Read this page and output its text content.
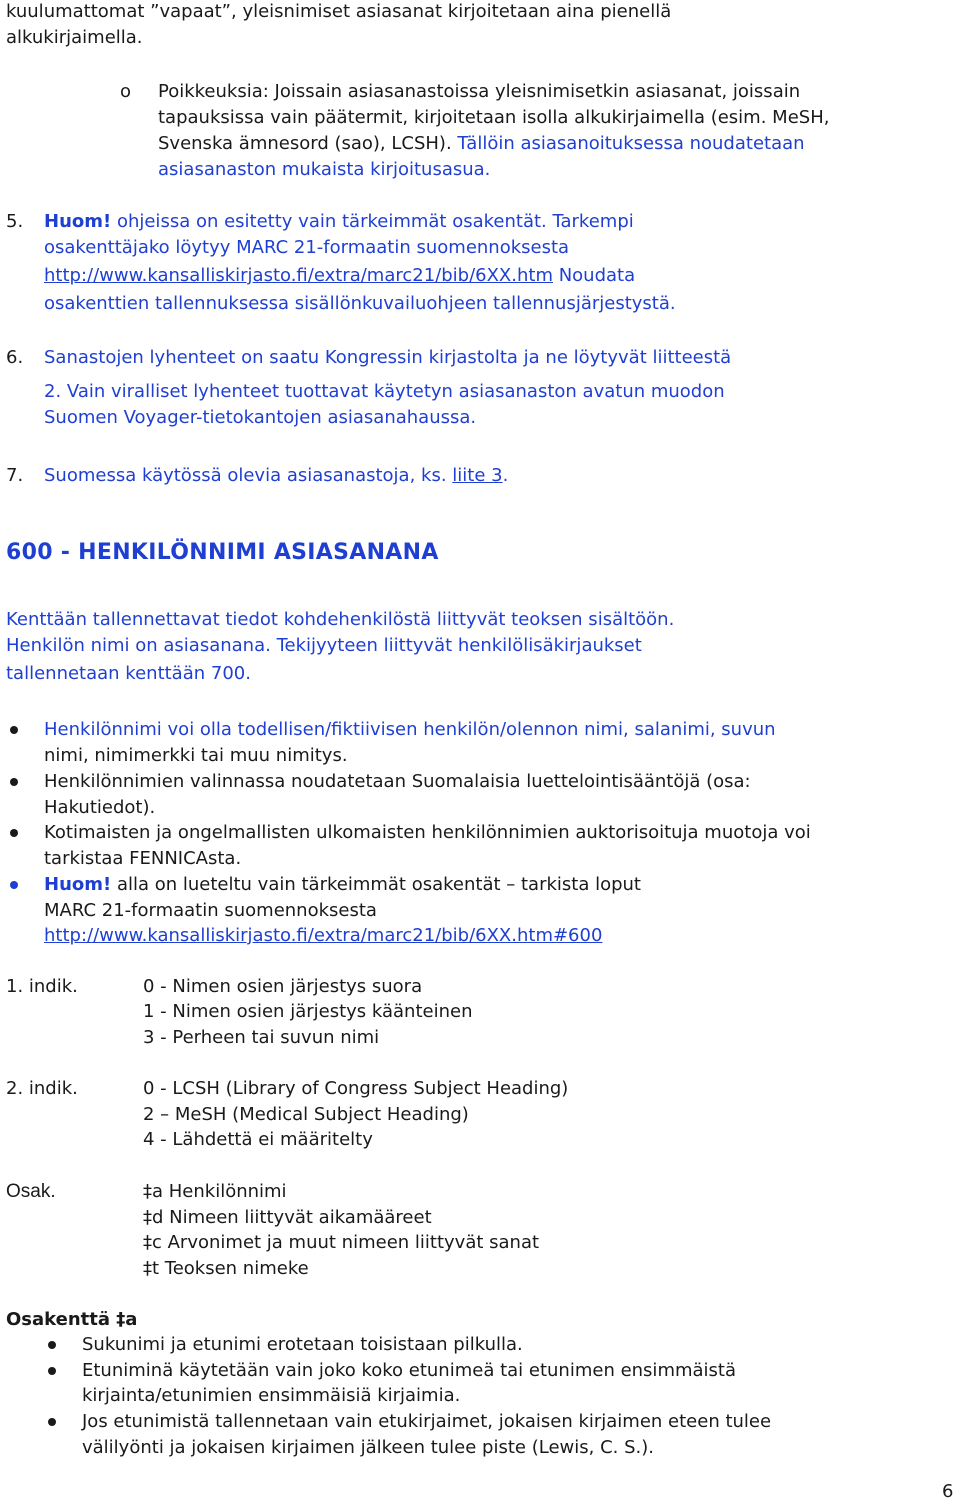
kuulumattomat ”vapaat”, yleisnimiset asiasanat kirjoitetaan aina pienellä
alkukirjaimella.
o Poikkeuksia: Joissain asiasanastoissa yleisnimisetkin asiasanat, joissain
tapauksissa vain päätermit, kirjoitetaan isolla alkukirjaimella (esim. MeSH,
Svenska ämnesord (sao), LCSH). Tällöin asiasanoituksessa noudatetaan
asiasanaston mukaista kirjoitusasua.
5. Huom! ohjeissa on esitetty vain tärkeimmät osakentät. Tarkempi
osakenttäjako löytyy MARC 21-formaatin suomennoksesta
http://www.kansalliskirjasto.fi/extra/marc21/bib/6XX.htm Noudata
osakenttien tallennuksessa sisällönkuvailuohjeen tallennusjärjestystä.
6. Sanastojen lyhenteet on saatu Kongressin kirjastolta ja ne löytyvät liitteestä
2. Vain viralliset lyhenteet tuottavat käytetyn asiasanaston avatun muodon
Suomen Voyager-tietokantojen asiasanahaussa.
7. Suomessa käytössä olevia asiasanastoja, ks. liite 3.
600 - HENKILÖNNIMI ASIASANANA
Kenttään tallennettavat tiedot kohdehenkilöstä liittyvät teoksen sisältöön.
Henkilön nimi on asiasanana. Tekijyyteen liittyvät henkilölisäkirjaukset
tallennetaan kenttään 700.
Henkilönnimi voi olla todellisen/fiktiivisen henkilön/olennon nimi, salanimi, suvun
nimi, nimimerkki tai muu nimitys.
Henkilönnimien valinnassa noudatetaan Suomalaisia luettelointisääntöjä (osa:
Hakutiedot).
Kotimaisten ja ongelmallisten ulkomaisten henkilönnimien auktorisoituja muotoja voi
tarkistaa FENNICAsta.
Huom! alla on lueteltu vain tärkeimmät osakentät – tarkista loput
MARC 21-formaatin suomennoksesta
http://www.kansalliskirjasto.fi/extra/marc21/bib/6XX.htm#600
1. indik.	0 - Nimen osien järjestys suora
1 - Nimen osien järjestys käänteinen
3 - Perheen tai suvun nimi
2. indik.	0 - LCSH (Library of Congress Subject Heading)
2 – MeSH (Medical Subject Heading)
4 - Lähdettä ei määritelty
Osak.	‡a Henkilönnimi
‡d Nimeen liittyvät aikamääreet
‡c Arvonimet ja muut nimeen liittyvät sanat
‡t Teoksen nimeke
Osakenttä ‡a
Sukunimi ja etunimi erotetaan toisistaan pilkulla.
Etuniminä käytetään vain joko koko etunimeä tai etunimen ensimmäistä
kirjainta/etunimien ensimmäisiä kirjaimia.
Jos etunimistä tallennetaan vain etukirjaimet, jokaisen kirjaimen eteen tulee
välilyönti ja jokaisen kirjaimen jälkeen tulee piste (Lewis, C. S.).
6
